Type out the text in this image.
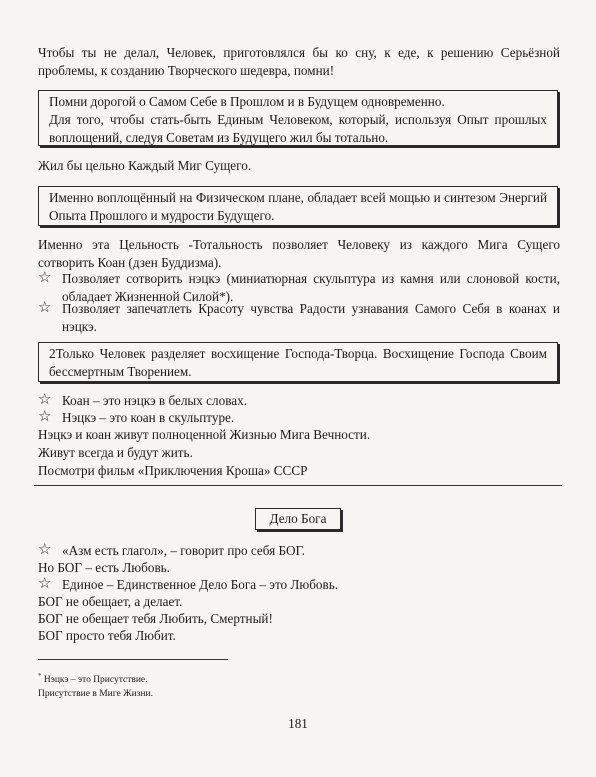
Чтобы ты не делал, Человек, приготовлялся бы ко сну, к еде, к решению Серьёзной проблемы, к созданию Творческого шедевра, помни!

Помни дорогой о Самом Себе в Прошлом и в Будущем одновременно.
Для того, чтобы стать-быть Единым Человеком, который, используя Опыт прошлых воплощений, следуя Советам из Будущего жил бы тотально.

Жил бы цельно Каждый Миг Сущего.

Именно воплощённый на Физическом плане, обладает всей мощью и синтезом Энергий Опыта Прошлого и мудрости Будущего.

Именно эта Цельность -Тотальность позволяет Человеку из каждого Мига Сущего сотворить Коан (дзен Буддизма).

☆ Позволяет сотворить нэцкэ (миниатюрная скульптура из камня или слоновой кости, обладает Жизненной Силой*).
☆ Позволяет запечатлеть Красоту чувства Радости узнавания Самого Себя в коанах и нэцкэ.
2Только Человек разделяет восхищение Господа-Творца. Восхищение Господа Своим бессмертным Творением.
☆ Коан – это нэцкэ в белых словах.
☆ Нэцкэ – это коан в скульптуре.
Нэцкэ и коан живут полноценной Жизнью Мига Вечности.
Живут всегда и будут жить.
Посмотри фильм «Приключения Кроша» СССР
Дело Бога
☆ «Азм есть глагол», – говорит про себя БОГ.
Но БОГ – есть Любовь.
☆ Единое – Единственное Дело Бога – это Любовь.
БОГ не обещает, а делает.
БОГ не обещает тебя Любить, Смертный!
БОГ просто тебя Любит.
* Нэцкэ – это Присутствие.
Присутствие в Миге Жизни.
181
